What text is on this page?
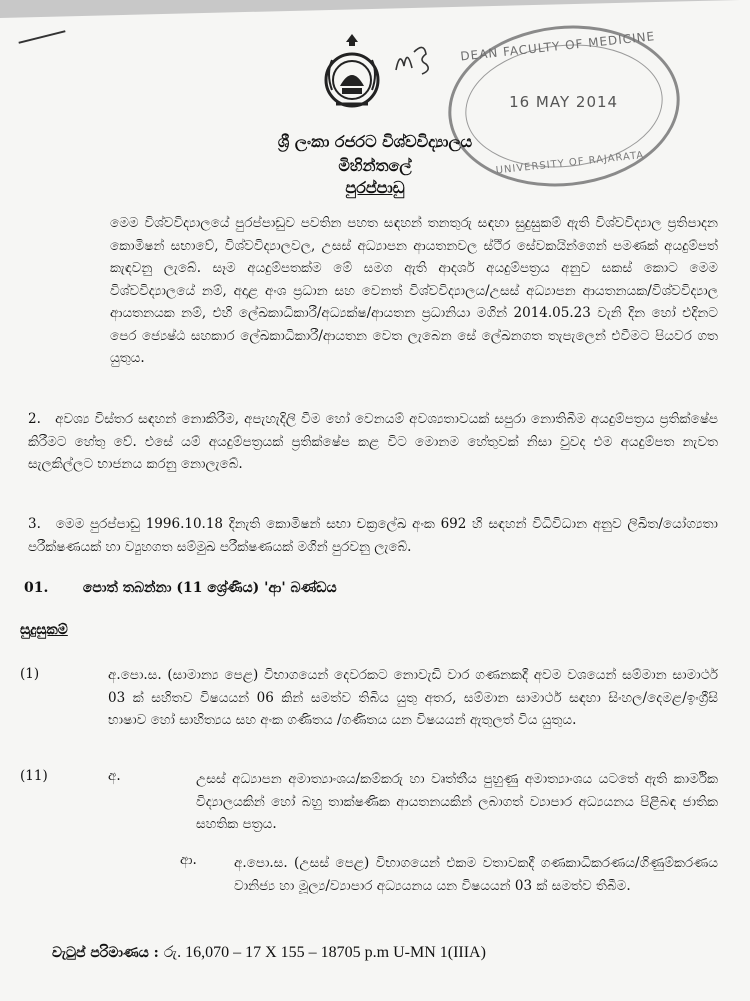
DEAN FACULTY OF MEDICINE
16 MAY 2014
UNIVERSITY OF RAJARATA
ශ්‍රී ලංකා රජරට විශ්වවිද්‍යාලය
මිහින්තලේ
පුරප්පාඩු
මෙම විශ්වවිද්‍යාලයේ පුරප්පාඩුව පවතින පහත සඳහන් තනතුරු සඳහා සුදුසුකම් ඇති විශ්වවිද්‍යාල ප්‍රතිපාදන කොමිෂන් සභාවේ, විශ්වවිද්‍යාලවල, උසස් අධ්‍යාපන ආයතනවල ස්ථිර සේවකයින්ගෙන් පමණක් අයදුම්පත් කැඳවනු ලැබේ. සෑම අයදුම්පතක්ම මේ සමග ඇති ආදර්ශ අයදුම්පත්‍රය අනුව සකස් කොට මෙම විශ්වවිද්‍යාලයේ නම්, අදාළ අංශ ප්‍රධාන සහ වෙනත් විශ්වවිද්‍යාලය/උසස් අධ්‍යාපන ආයතනයක/විශ්වවිද්‍යාල ආයතනයක නම්, එහි ලේඛකාධිකාරී/අධ්‍යක්ෂ/ආයතන ප්‍රධානියා මගින් 2014.05.23 වැනි දින හෝ එදිනට පෙර ජ්‍යෙෂ්ඨ සහකාර ලේඛකාධිකාරී/ආයතන වෙත ලැබෙන සේ ලේඛනගත තැපැලෙන් එවීමට පියවර ගත යුතුය.
2. අවශ්‍ය විස්තර සඳහන් නොකිරීම, අපැහැදිලි වීම හෝ වෙනයම් අවශ්‍යතාවයක් සපුරා නොතිබීම අයදුම්පත්‍රය ප්‍රතික්ෂේප කිරීමට හේතු වේ. එසේ යම් අයදුම්පත්‍රයක් ප්‍රතික්ෂේප කළ විට මොනම හේතුවක් නිසා වුවද එම අයදුම්පත නැවත සැලකිල්ලට භාජනය කරනු නොලැබේ.
3. මෙම පුරප්පාඩු 1996.10.18 දිනැති කොමිෂන් සභා චක්‍රලේඛ අංක 692 හි සඳහන් විධිවිධාන අනුව ලිඛිත/යෝග්‍යතා පරීක්ෂණයක් හා ව්‍යුහගත සම්මුඛ පරීක්ෂණයක් මගින් පුරවනු ලැබේ.
01. පොත් තබන්නා (11 ශ්‍රේණිය) 'ආ' බණ්ඩය
සුදුසුකම්
(1)	අ.පො.ස. (සාමාන්‍ය පෙළ) විභාගයෙන් දෙවරකට නොවැඩි වාර ගණනකදී අවම වශයෙන් සම්මාන සාමාර්ථ 03 ක් සහිතව විෂයයන් 06 කින් සමත්ව තිබිය යුතු අතර, සම්මාන සාමාර්ථ සඳහා සිංහල/දෙමළ/ඉංග්‍රීසි භාෂාව හෝ සාහිත්‍යය සහ අංක ගණිතය /ගණිතය යන විෂයයන් ඇතුලත් විය යුතුය.
(11)	අ.	උසස් අධ්‍යාපන අමාත්‍යාංශය/කම්කරු හා වෘත්තීය පුහුණු අමාත්‍යාංශය යටතේ ඇති කාර්මික විද්‍යාලයකින් හෝ බහු තාක්ෂණික ආයතනයකින් ලබාගත් ව්‍යාපාර අධ්‍යයනය පිළිබඳ ජාතික සහතික පත්‍රය.
ආ.	අ.පො.ස. (උසස් පෙළ) විභාගයෙන් එකම වතාවකදී ගණකාධිකරණය/ගිණුම්කරණය වානිජ්‍ය හා මූල්‍ය/ව්‍යාපාර අධ්‍යයනය යන විෂයයන් 03 ක් සමත්ව තිබීම.
වැටුප් පරිමාණය : රු. 16,070 – 17 X 155 – 18705 p.m U-MN 1(IIIA)
